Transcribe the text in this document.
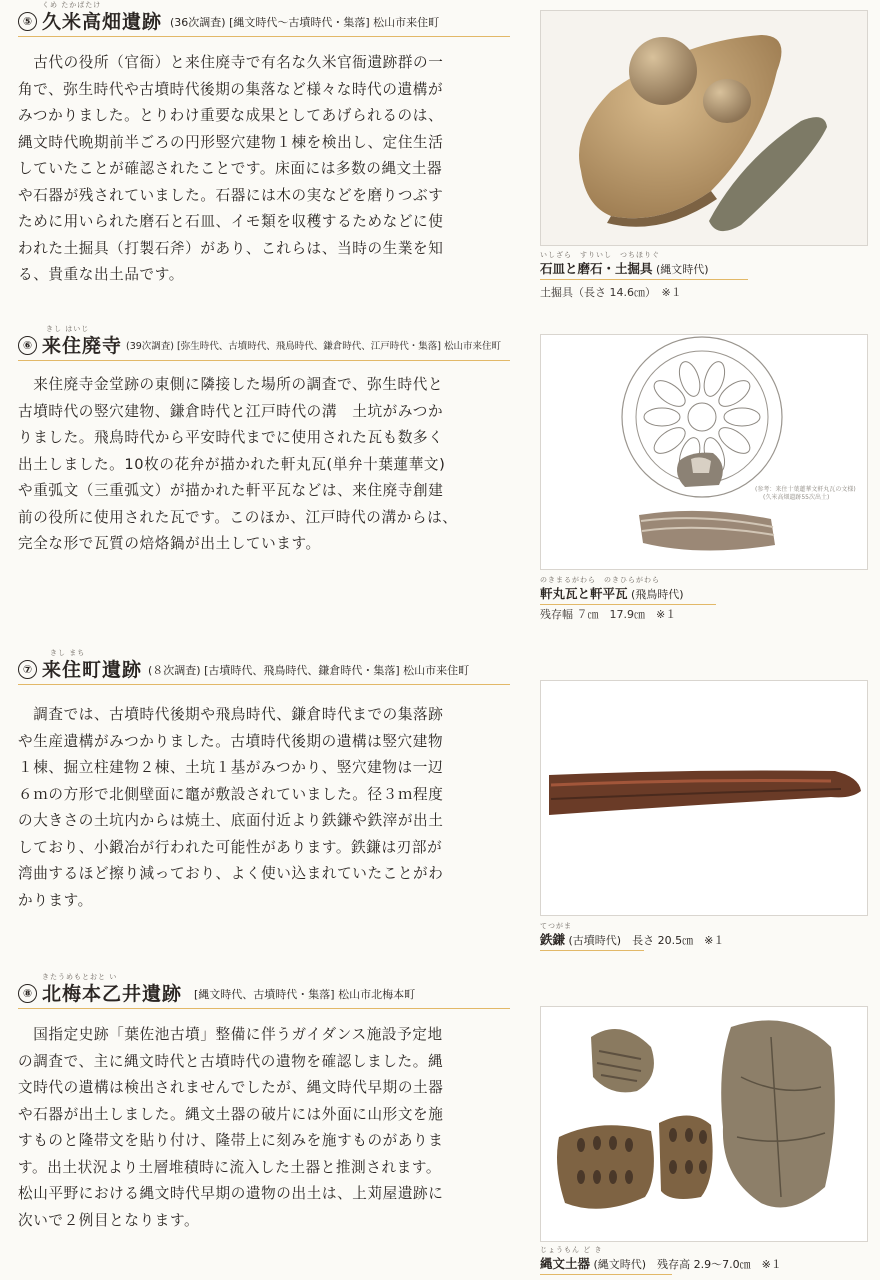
くめ たかばたけ
⑤ 久米高畑遺跡 (36次調査) [縄文時代～古墳時代・集落] 松山市来住町

　古代の役所（官衙）と来住廃寺で有名な久米官衙遺跡群の一

角で、弥生時代や古墳時代後期の集落など様々な時代の遺構が

みつかりました。とりわけ重要な成果としてあげられるのは、

縄文時代晩期前半ごろの円形竪穴建物１棟を検出し、定住生活

していたことが確認されたことです。床面には多数の縄文土器

や石器が残されていました。石器には木の実などを磨りつぶす

ために用いられた磨石と石皿、イモ類を収穫するためなどに使

われた土掘具（打製石斧）があり、これらは、当時の生業を知

る、貴重な出土品です。

いしざら　すりいし　つちほりぐ
石皿と磨石・土掘具 (縄文時代)
土掘具（長さ 14.6㎝）　※１
きし はいじ
⑥ 来住廃寺 (39次調査) [弥生時代、古墳時代、飛鳥時代、鎌倉時代、江戸時代・集落] 松山市来住町

　来住廃寺金堂跡の東側に隣接した場所の調査で、弥生時代と

古墳時代の竪穴建物、鎌倉時代と江戸時代の溝　土坑がみつか

りました。飛鳥時代から平安時代までに使用された瓦も数多く

出土しました。10枚の花弁が描かれた軒丸瓦(単弁十葉蓮華文)

や重弧文（三重弧文）が描かれた軒平瓦などは、来住廃寺創建

前の役所に使用された瓦です。このほか、江戸時代の溝からは、

完全な形で瓦質の焙烙鍋が出土しています。

(参考：来住十葉蓮華文軒丸瓦の文様)
(久米高畑遺跡55次出土)
のきまるがわら　のきひらがわら
軒丸瓦と軒平瓦 (飛鳥時代)
残存幅 ７㎝　17.9㎝　※１
きし まち
⑦ 来住町遺跡 (８次調査) [古墳時代、飛鳥時代、鎌倉時代・集落] 松山市来住町

　調査では、古墳時代後期や飛鳥時代、鎌倉時代までの集落跡

や生産遺構がみつかりました。古墳時代後期の遺構は竪穴建物

１棟、掘立柱建物２棟、土坑１基がみつかり、竪穴建物は一辺

６ｍの方形で北側壁面に竈が敷設されていました。径３ｍ程度

の大きさの土坑内からは焼土、底面付近より鉄鎌や鉄滓が出土

しており、小鍛冶が行われた可能性があります。鉄鎌は刃部が

湾曲するほど擦り減っており、よく使い込まれていたことがわ

かります。

てつがま
鉄鎌 (古墳時代)　 長さ 20.5㎝　※１
きたうめもとおと い
⑧ 北梅本乙井遺跡 [縄文時代、古墳時代・集落] 松山市北梅本町

　国指定史跡「葉佐池古墳」整備に伴うガイダンス施設予定地

の調査で、主に縄文時代と古墳時代の遺物を確認しました。縄

文時代の遺構は検出されませんでしたが、縄文時代早期の土器

や石器が出土しました。縄文土器の破片には外面に山形文を施

すものと隆帯文を貼り付け、隆帯上に刻みを施すものがありま

す。出土状況より土層堆積時に流入した土器と推測されます。

松山平野における縄文時代早期の遺物の出土は、上苅屋遺跡に

次いで２例目となります。

じょうもん ど き
縄文土器 (縄文時代)　 残存高 2.9～7.0㎝　※１
